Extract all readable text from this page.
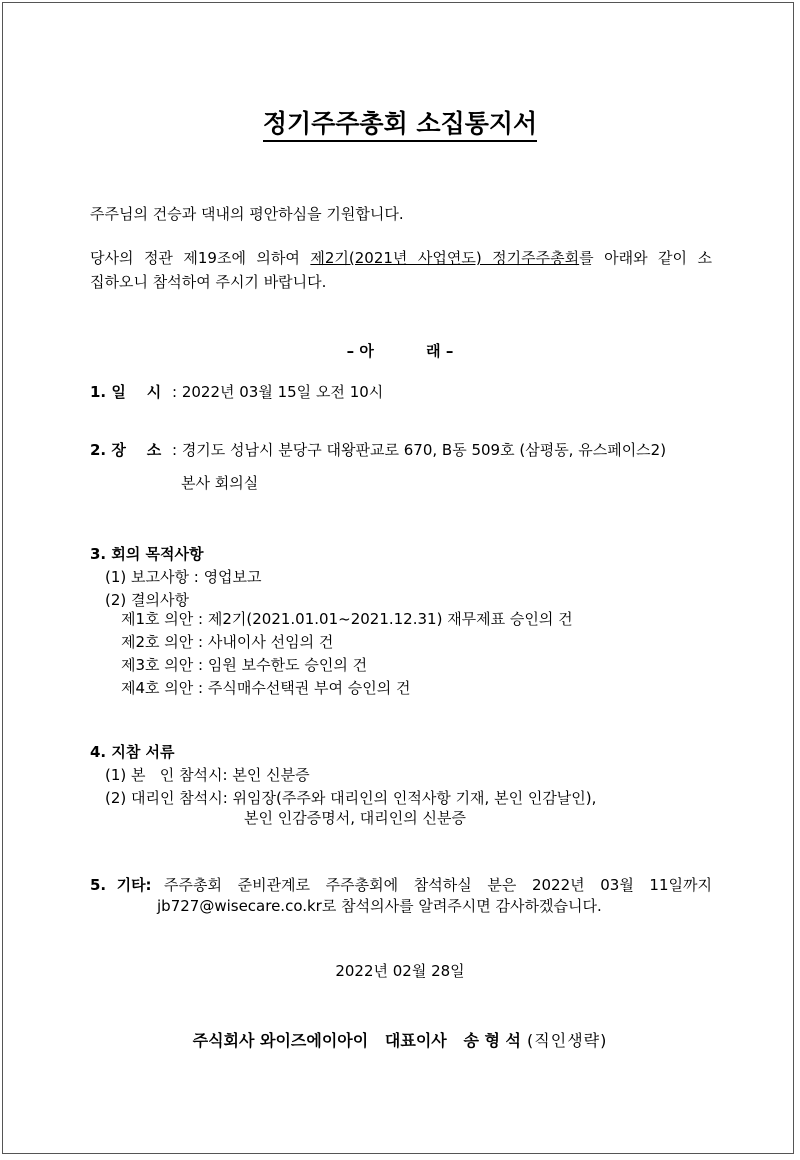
정기주주총회 소집통지서
주주님의 건승과 댁내의 평안하심을 기원합니다.
당사의 정관 제19조에 의하여 제2기(2021년 사업연도) 정기주주총회를 아래와 같이 소
집하오니 참석하여 주시기 바랍니다.
– 아          래 –
1. 일    시 : 2022년 03월 15일 오전 10시
2. 장    소 : 경기도 성남시 분당구 대왕판교로 670, B동 509호 (삼평동, 유스페이스2)
본사 회의실
3. 회의 목적사항
(1) 보고사항 : 영업보고
(2) 결의사항
제1호 의안 : 제2기(2021.01.01~2021.12.31) 재무제표 승인의 건
제2호 의안 : 사내이사 선임의 건
제3호 의안 : 임원 보수한도 승인의 건
제4호 의안 : 주식매수선택권 부여 승인의 건
4. 지참 서류
(1) 본   인 참석시: 본인 신분증
(2) 대리인 참석시: 위임장(주주와 대리인의 인적사항 기재, 본인 인감날인),
본인 인감증명서, 대리인의 신분증
5.  기타: 주주총회 준비관계로 주주총회에 참석하실 분은 2022년 03월 11일까지
jb727@wisecare.co.kr로 참석의사를 알려주시면 감사하겠습니다.
2022년 02월 28일
주식회사 와이즈에이아이   대표이사   송 형 석 (직인생략)
